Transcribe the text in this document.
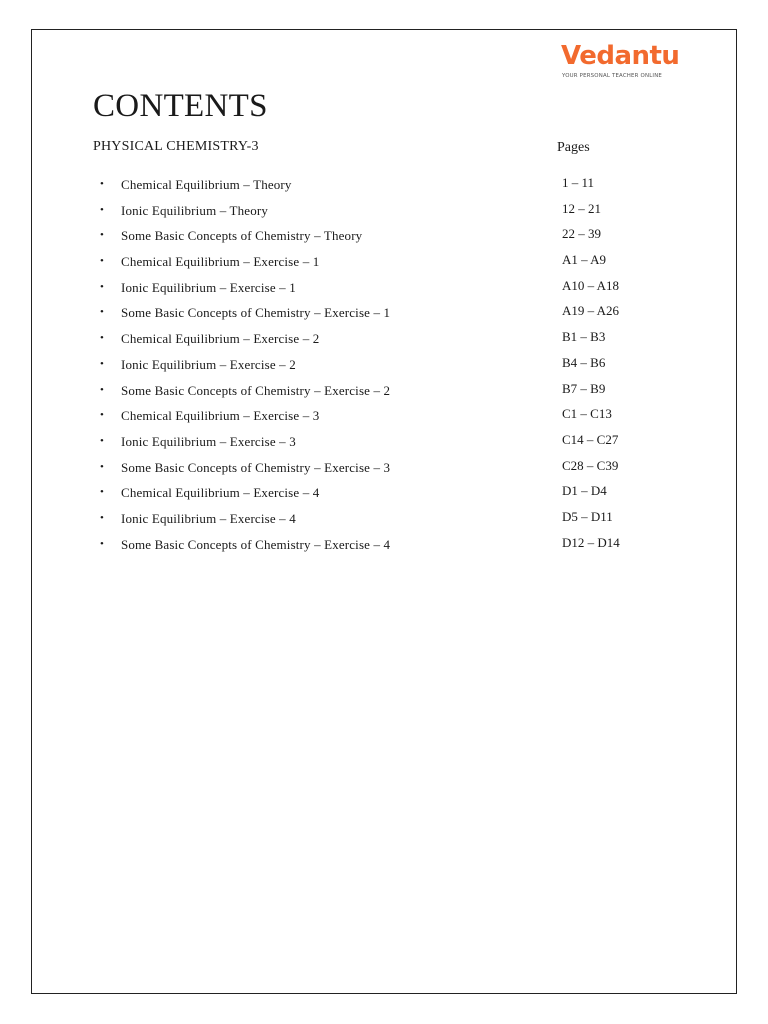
Vedantu
YOUR PERSONAL TEACHER ONLINE
CONTENTS
PHYSICAL CHEMISTRY-3	Pages
• Chemical Equilibrium – Theory	1 – 11
• Ionic Equilibrium – Theory	12 – 21
• Some Basic Concepts of Chemistry – Theory	22 – 39
• Chemical Equilibrium – Exercise – 1	A1 – A9
• Ionic Equilibrium – Exercise – 1	A10 – A18
• Some Basic Concepts of Chemistry – Exercise – 1	A19 – A26
• Chemical Equilibrium – Exercise – 2	B1 – B3
• Ionic Equilibrium – Exercise – 2	B4 – B6
• Some Basic Concepts of Chemistry – Exercise – 2	B7 – B9
• Chemical Equilibrium – Exercise – 3	C1 – C13
• Ionic Equilibrium – Exercise – 3	C14 – C27
• Some Basic Concepts of Chemistry – Exercise – 3	C28 – C39
• Chemical Equilibrium – Exercise – 4	D1 – D4
• Ionic Equilibrium – Exercise – 4	D5 – D11
• Some Basic Concepts of Chemistry – Exercise – 4	D12 – D14
